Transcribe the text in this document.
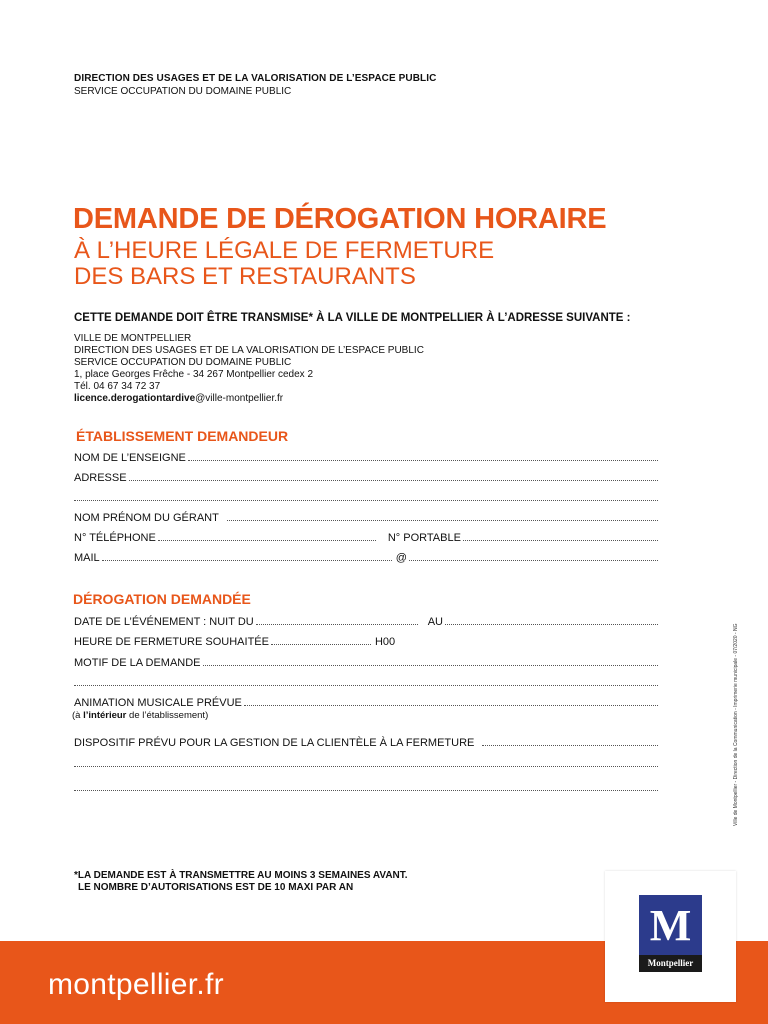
DIRECTION DES USAGES ET DE LA VALORISATION DE L’ESPACE PUBLIC
SERVICE OCCUPATION DU DOMAINE PUBLIC
DEMANDE DE DÉROGATION HORAIRE
À L’HEURE LÉGALE DE FERMETURE
DES BARS ET RESTAURANTS
CETTE DEMANDE DOIT ÊTRE TRANSMISE* À LA VILLE DE MONTPELLIER À L’ADRESSE SUIVANTE :
VILLE DE MONTPELLIER
DIRECTION DES USAGES ET DE LA VALORISATION DE L’ESPACE PUBLIC
SERVICE OCCUPATION DU DOMAINE PUBLIC
1, place Georges Frêche - 34 267 Montpellier cedex 2
Tél. 04 67 34 72 37
licence.derogationtardive@ville-montpellier.fr
ÉTABLISSEMENT DEMANDEUR
NOM DE L’ENSEIGNE
ADRESSE
NOM PRÉNOM DU GÉRANT
N° TÉLÉPHONE	N° PORTABLE
MAIL	@
DÉROGATION DEMANDÉE
DATE DE L’ÉVÉNEMENT : NUIT DU	AU
HEURE DE FERMETURE SOUHAITÉE	H00
MOTIF DE LA DEMANDE
ANIMATION MUSICALE PRÉVUE
(à l’intérieur de l’établissement)
DISPOSITIF PRÉVU POUR LA GESTION DE LA CLIENTÈLE À LA FERMETURE
*LA DEMANDE EST À TRANSMETTRE AU MOINS 3 SEMAINES AVANT.
LE NOMBRE D’AUTORISATIONS EST DE 10 MAXI PAR AN
Ville de Montpellier - Direction de la Communication - Imprimerie municipale - 07/2020 - NG
montpellier.fr
M
Montpellier
